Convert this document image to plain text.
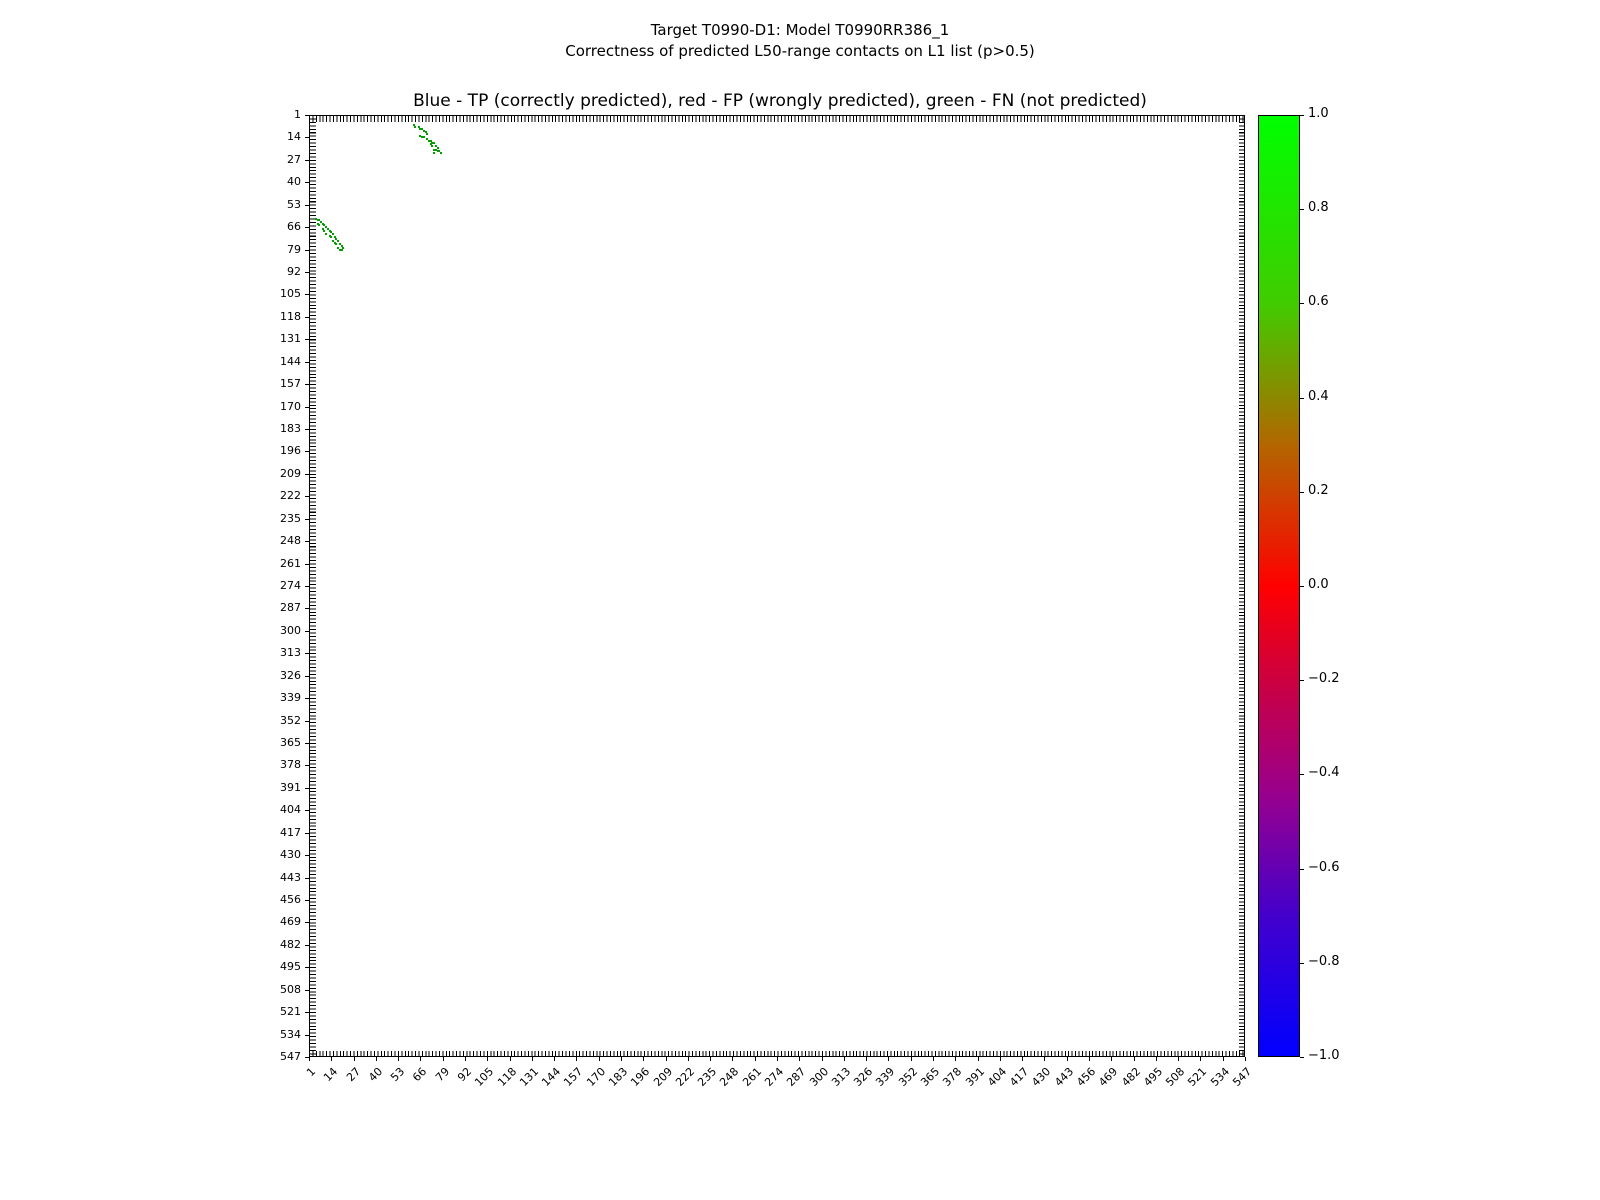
Target T0990-D1: Model T0990RR386_1
Correctness of predicted L50-range contacts on L1 list (p>0.5)
Blue - TP (correctly predicted), red - FP (wrongly predicted), green - FN (not predicted)
1 14 27 40 53 66 79 92
105
118
131
144
157
170
183
196
209
222
235
248
261
274
287
300
313
326
339
352
365
378
391
404
417
430
443
456
469
482
495
508
521
534
547
1
14
27
40
53
66
79
92
105
118
131
144
157
170
183
196
209
222
235
248
261
274
287
300
313
326
339
352
365
378
391
404
417
430
443
456
469
482
495
508
521
534
547
1.0
0.8
0.6
0.4
0.2
0.0
−0.2
−0.4
−0.6
−0.8
−1.0
